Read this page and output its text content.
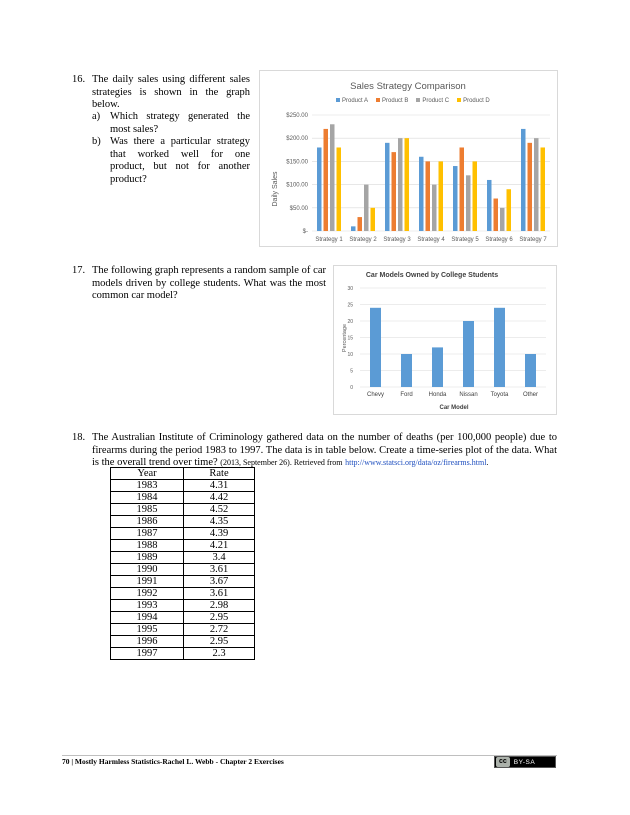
16. The daily sales using different sales strategies is shown in the graph below.
a) Which strategy generated the most sales?
b) Was there a particular strategy that worked well for one product, but not for another product?
Sales Strategy Comparison
Daily Sales
$-
$50.00
$100.00
$150.00
$200.00
$250.00
Strategy 1 Strategy 2 Strategy 3 Strategy 4 Strategy 5 Strategy 6 Strategy 7
Product A	Product B	Product C	Product D
17. The following graph represents a random sample of car models driven by college students. What was the most common car model?
Car Models Owned by College Students
Percentage
Car Model
0
5
10
15
20
25
30
Chevy	Ford	Honda Nissan Toyota Other
18. The Australian Institute of Criminology gathered data on the number of deaths (per 100,000 people) due to firearms during the period 1983 to 1997. The data is in table below. Create a time-series plot of the data. What is the overall trend over time? (2013, September 26). Retrieved from http://www.statsci.org/data/oz/firearms.html.
Year	Rate
1983	4.31
1984	4.42
1985	4.52
1986	4.35
1987	4.39
1988	4.21
1989	3.4
1990	3.61
1991	3.67
1992	3.61
1993	2.98
1994	2.95
1995	2.72
1996	2.95
1997	2.3
70 | Mostly Harmless Statistics-Rachel L. Webb - Chapter 2 Exercises	cc	BY-SA
